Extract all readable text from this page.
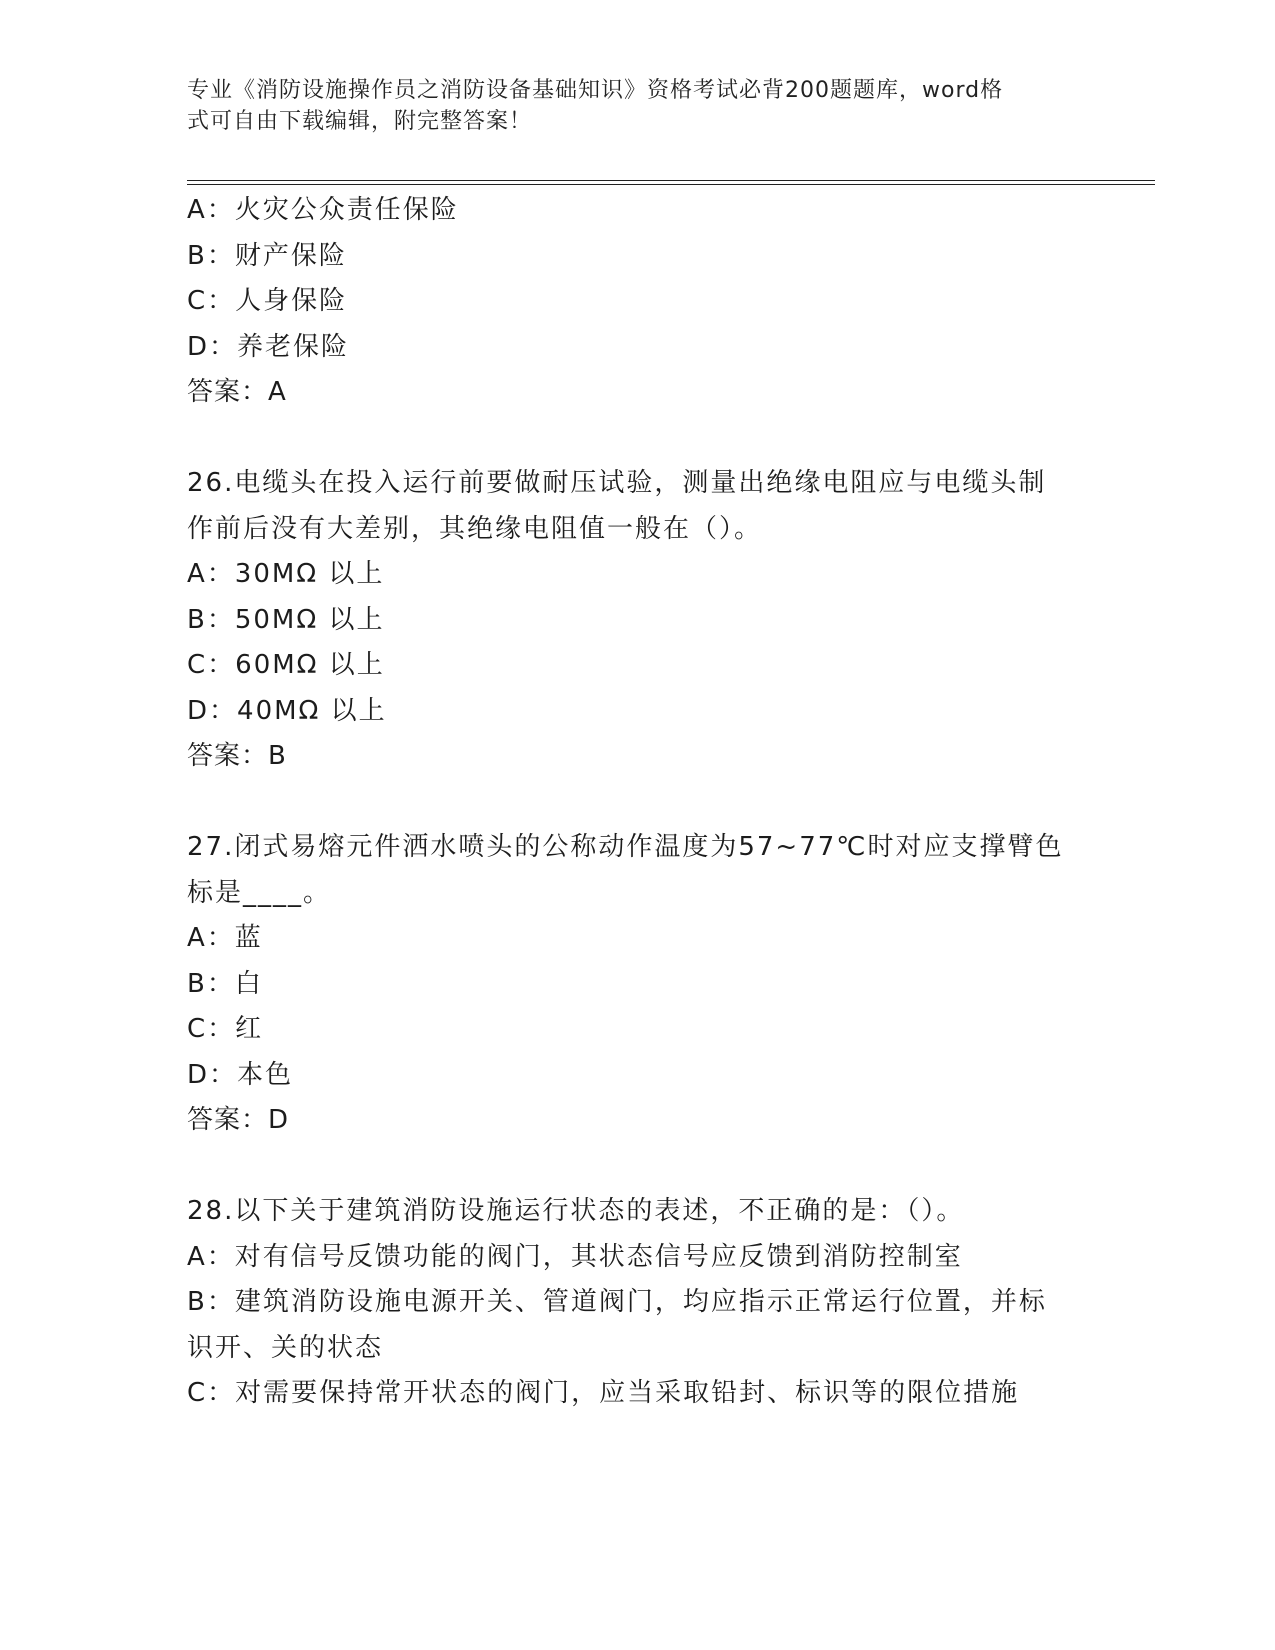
专业《消防设施操作员之消防设备基础知识》资格考试必背200题题库，word格
式可自由下载编辑，附完整答案！
A：火灾公众责任保险
B：财产保险
C：人身保险
D：养老保险
答案：A
26.电缆头在投入运行前要做耐压试验，测量出绝缘电阻应与电缆头制
作前后没有大差别，其绝缘电阻值一般在（）。
A：30MΩ 以上
B：50MΩ 以上
C：60MΩ 以上
D：40MΩ 以上
答案：B
27.闭式易熔元件洒水喷头的公称动作温度为57~77℃时对应支撑臂色
标是____。
A：蓝
B：白
C：红
D：本色
答案：D
28.以下关于建筑消防设施运行状态的表述，不正确的是：（）。
A：对有信号反馈功能的阀门，其状态信号应反馈到消防控制室
B：建筑消防设施电源开关、管道阀门，均应指示正常运行位置，并标
识开、关的状态
C：对需要保持常开状态的阀门，应当采取铅封、标识等的限位措施
